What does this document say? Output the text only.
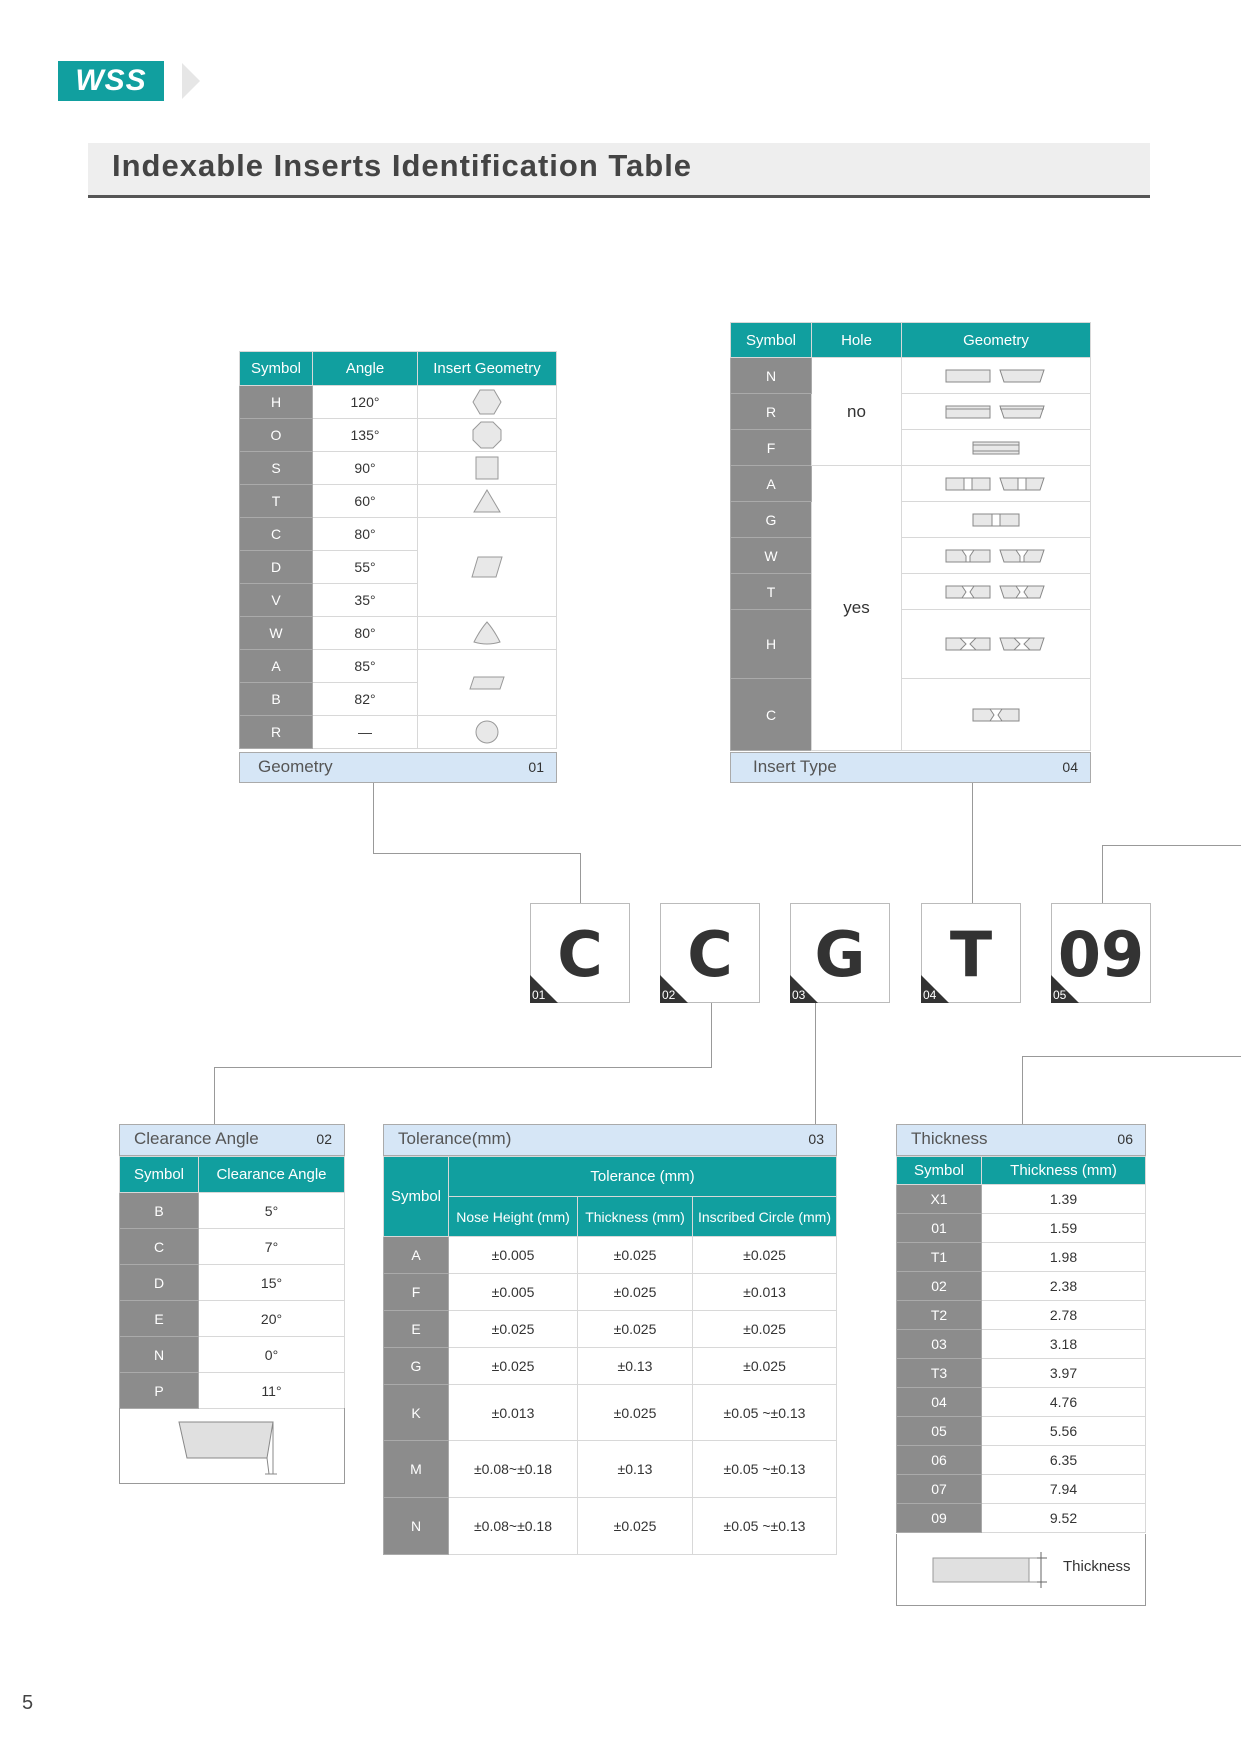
WSS
Indexable Inserts Identification Table
Symbol	Angle	Insert Geometry
H	120°	

O	135°	

S	90°	

T	60°	

C	80°	

D	55°	
V	35°	
W	80°	

A	85°	

B	82°	
R	—	
Geometry	01
Symbol	Hole	Geometry
N	no	

R	

F	

A	yes	

G	

W	

T	

H	

C	
Insert Type	04
C
01
C
02
G
03
T
04
09
05
Clearance Angle	02
Symbol	Clearance Angle
B	5°
C	7°
D	15°
E	20°
N	0°
P	11°
Tolerance(mm)	03
Symbol	Tolerance (mm)		
	Nose Height (mm)	Thickness (mm)	Inscribed Circle (mm)
A	±0.005	±0.025	±0.025
F	±0.005	±0.025	±0.013
E	±0.025	±0.025	±0.025
G	±0.025	±0.13	±0.025
K	±0.013	±0.025	±0.05 ~±0.13
M	±0.08~±0.18	±0.13	±0.05 ~±0.13
N	±0.08~±0.18	±0.025	±0.05 ~±0.13
Thickness	06
Symbol	Thickness (mm)
X1	1.39
01	1.59
T1	1.98
02	2.38
T2	2.78
03	3.18
T3	3.97
04	4.76
05	5.56
06	6.35
07	7.94
09	9.52
Thickness
5
